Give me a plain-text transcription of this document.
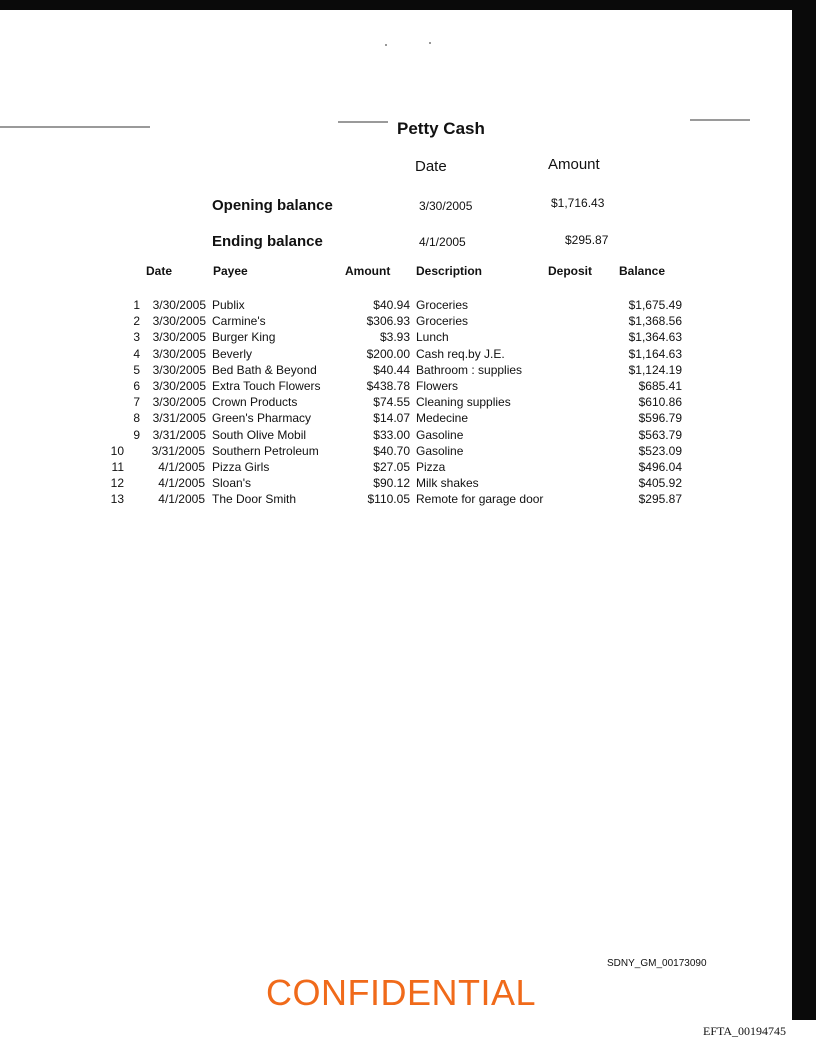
Petty Cash
Date	Amount
Opening balance	3/30/2005	$1,716.43
Ending balance	4/1/2005	$295.87
Date	Payee	Amount Description	Deposit Balance
1	3/30/2005 Publix	$40.94 Groceries	$1,675.49
2	3/30/2005 Carmine's	$306.93 Groceries	$1,368.56
3	3/30/2005 Burger King	$3.93 Lunch	$1,364.63
4	3/30/2005 Beverly	$200.00 Cash req.by J.E.	$1,164.63
5	3/30/2005 Bed Bath & Beyond	$40.44 Bathroom : supplies	$1,124.19
6	3/30/2005 Extra Touch Flowers	$438.78 Flowers	$685.41
7	3/30/2005 Crown Products	$74.55 Cleaning supplies	$610.86
8	3/31/2005 Green's Pharmacy	$14.07 Medecine	$596.79
9	3/31/2005 South Olive Mobil	$33.00 Gasoline	$563.79
10	3/31/2005 Southern Petroleum	$40.70 Gasoline	$523.09
11	4/1/2005 Pizza Girls	$27.05 Pizza	$496.04
12	4/1/2005 Sloan's	$90.12 Milk shakes	$405.92
13	4/1/2005 The Door Smith	$110.05 Remote for garage door	$295.87
SDNY_GM_00173090
CONFIDENTIAL
EFTA_00194745
